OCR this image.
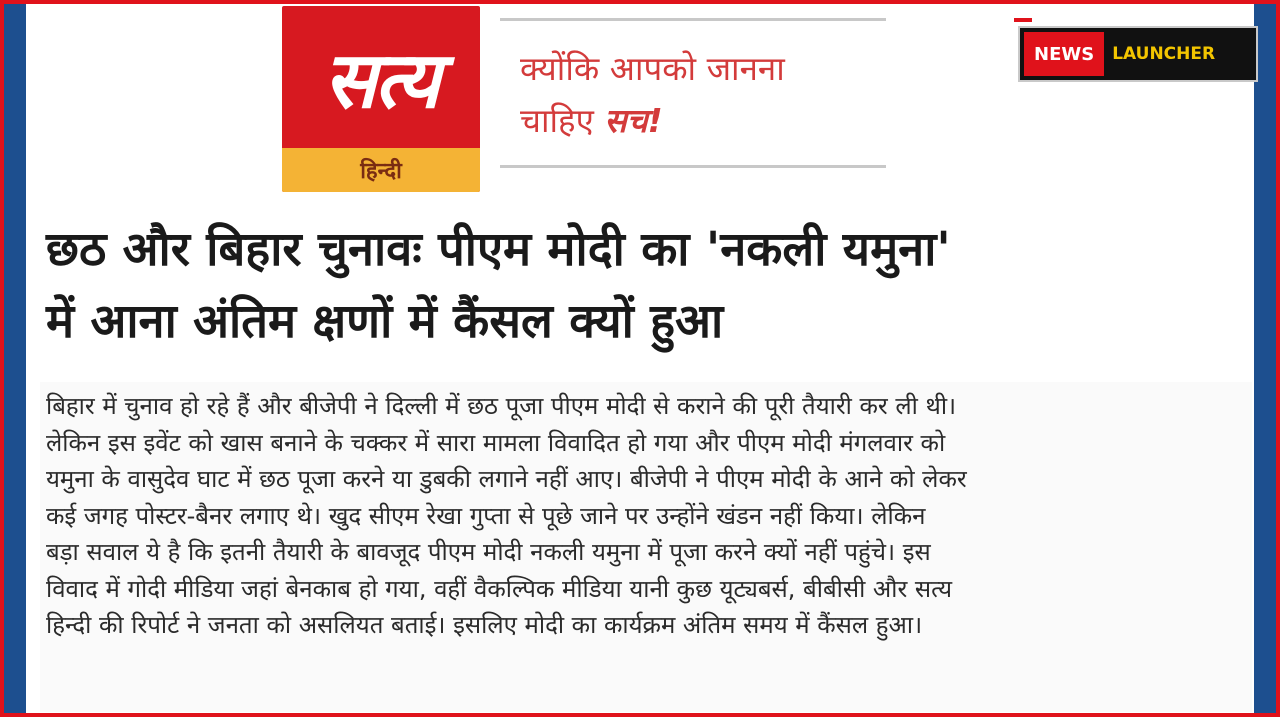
सत्य
हिन्दी
क्योंकि आपको जानना
चाहिए सच!
NEWS	LAUNCHER
छठ और बिहार चुनावः पीएम मोदी का 'नकली यमुना'
में आना अंतिम क्षणों में कैंसल क्यों हुआ
बिहार में चुनाव हो रहे हैं और बीजेपी ने दिल्ली में छठ पूजा पीएम मोदी से कराने की पूरी तैयारी कर ली थी।
लेकिन इस इवेंट को खास बनाने के चक्कर में सारा मामला विवादित हो गया और पीएम मोदी मंगलवार को
यमुना के वासुदेव घाट में छठ पूजा करने या डुबकी लगाने नहीं आए। बीजेपी ने पीएम मोदी के आने को लेकर
कई जगह पोस्टर-बैनर लगाए थे। खुद सीएम रेखा गुप्ता से पूछे जाने पर उन्होंने खंडन नहीं किया। लेकिन
बड़ा सवाल ये है कि इतनी तैयारी के बावजूद पीएम मोदी नकली यमुना में पूजा करने क्यों नहीं पहुंचे। इस
विवाद में गोदी मीडिया जहां बेनकाब हो गया, वहीं वैकल्पिक मीडिया यानी कुछ यूट्यबर्स, बीबीसी और सत्य
हिन्दी की रिपोर्ट ने जनता को असलियत बताई। इसलिए मोदी का कार्यक्रम अंतिम समय में कैंसल हुआ।
